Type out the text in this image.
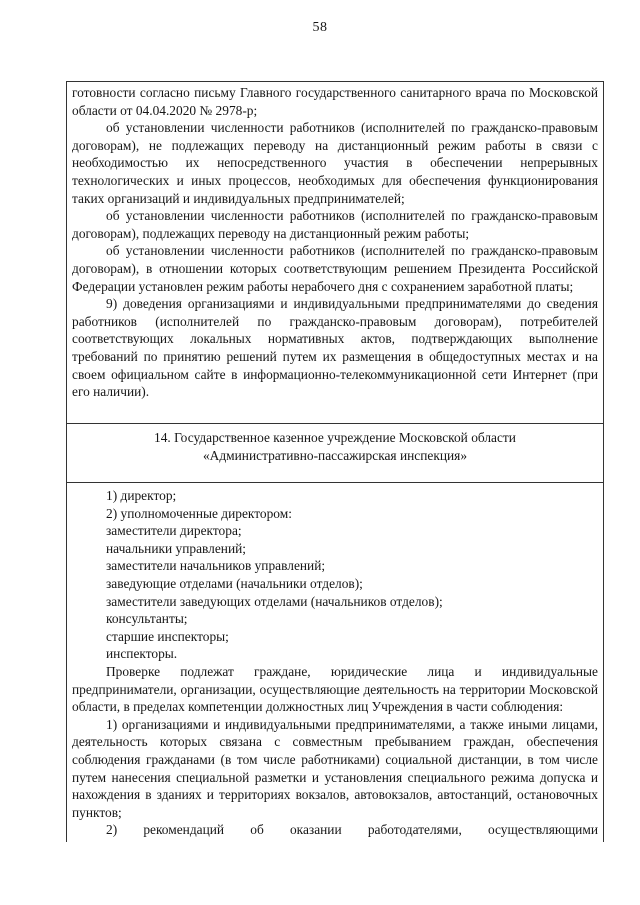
58

готовности согласно письму Главного государственного санитарного врача по Московской области от 04.04.2020 № 2978-р;

об установлении численности работников (исполнителей по гражданско-правовым договорам), не подлежащих переводу на дистанционный режим работы в связи с необходимостью их непосредственного участия в обеспечении непрерывных технологических и иных процессов, необходимых для обеспечения функционирования таких организаций и индивидуальных предпринимателей;

об установлении численности работников (исполнителей по гражданско-правовым договорам), подлежащих переводу на дистанционный режим работы;

об установлении численности работников (исполнителей по гражданско-правовым договорам), в отношении которых соответствующим решением Президента Российской Федерации установлен режим работы нерабочего дня с сохранением заработной платы;

9) доведения организациями и индивидуальными предпринимателями до сведения работников (исполнителей по гражданско-правовым договорам), потребителей соответствующих локальных нормативных актов, подтверждающих выполнение требований по принятию решений путем их размещения в общедоступных местах и на своем официальном сайте в информационно-телекоммуникационной сети Интернет (при его наличии).

14. Государственное казенное учреждение Московской области
«Административно-пассажирская инспекция»

1) директор;

2) уполномоченные директором:

заместители директора;

начальники управлений;

заместители начальников управлений;

заведующие отделами (начальники отделов);

заместители заведующих отделами (начальников отделов);

консультанты;

старшие инспекторы;

инспекторы.

Проверке подлежат граждане, юридические лица и индивидуальные предприниматели, организации, осуществляющие деятельность на территории Московской области, в пределах компетенции должностных лиц Учреждения в части соблюдения:

1) организациями и индивидуальными предпринимателями, а также иными лицами, деятельность которых связана с совместным пребыванием граждан, обеспечения соблюдения гражданами (в том числе работниками) социальной дистанции, в том числе путем нанесения специальной разметки и установления специального режима допуска и нахождения в зданиях и территориях вокзалов, автовокзалов, автостанций, остановочных пунктов;

2) рекомендаций об оказании работодателями, осуществляющими
